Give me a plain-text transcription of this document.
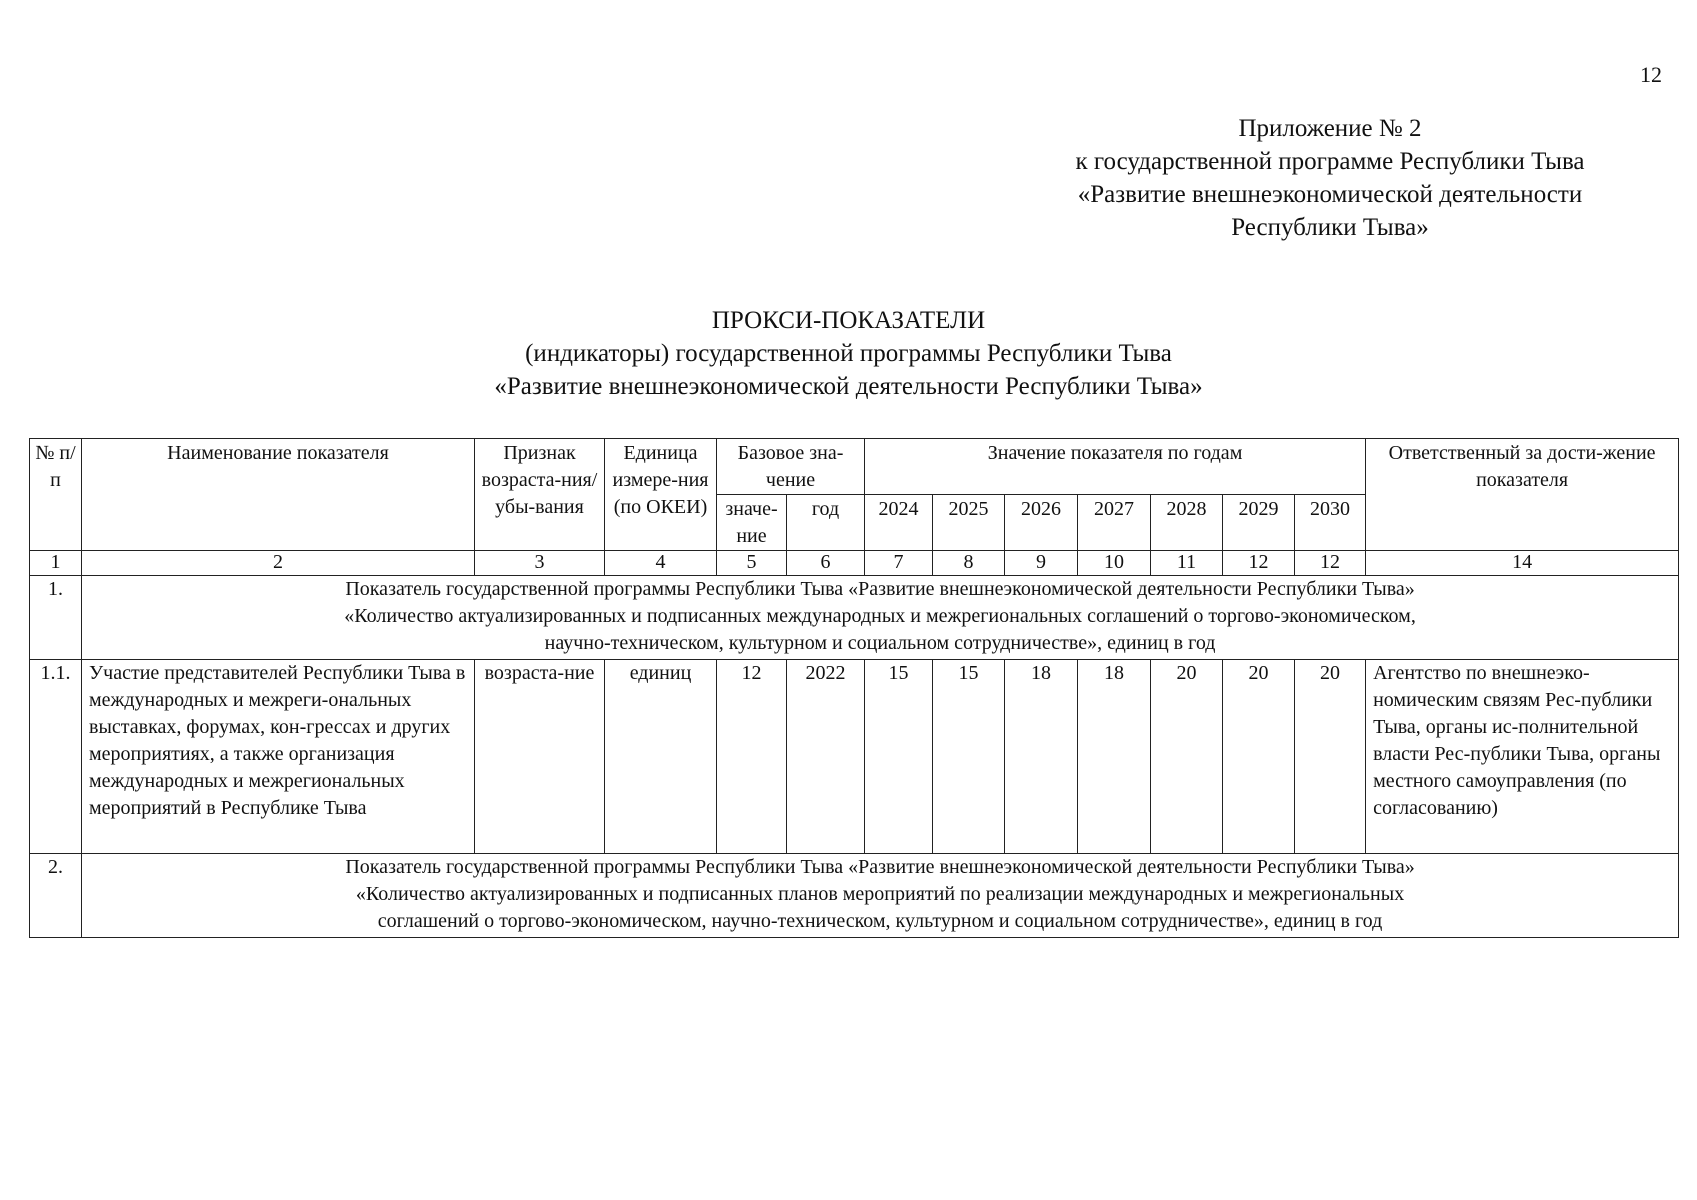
12
Приложение № 2
к государственной программе Республики Тыва
«Развитие внешнеэкономической деятельности
Республики Тыва»
ПРОКСИ-ПОКАЗАТЕЛИ
(индикаторы) государственной программы Республики Тыва
«Развитие внешнеэкономической деятельности Республики Тыва»
№ п/п	Наименование показателя	Признак возраста-ния/ убы-вания	Единица измере-ния (по ОКЕИ)	Базовое зна-чение		Значение показателя по годам							Ответственный за дости-жение показателя
				значе-ние	год	2024	2025	2026	2027	2028	2029	2030	
1	2	3	4	5	6	7	8	9	10	11	12	12	14
1.	Показатель государственной программы Республики Тыва «Развитие внешнеэкономической деятельности Республики Тыва»
«Количество актуализированных и подписанных международных и межрегиональных соглашений о торгово-экономическом,
научно-техническом, культурном и социальном сотрудничестве», единиц в год												

1.1.	Участие представителей Республики Тыва в международных и межреги-ональных выставках, форумах, кон-грессах и других мероприятиях, а также организация международных и межрегиональных мероприятий в Республике Тыва	возраста-ние	единиц	12	2022	15	15	18	18	20	20	20	Агентство по внешнеэко-номическим связям Рес-публики Тыва, органы ис-полнительной власти Рес-публики Тыва, органы местного самоуправления (по согласованию)
2.	Показатель государственной программы Республики Тыва «Развитие внешнеэкономической деятельности Республики Тыва»
«Количество актуализированных и подписанных планов мероприятий по реализации международных и межрегиональных
соглашений о торгово-экономическом, научно-техническом, культурном и социальном сотрудничестве», единиц в год												
